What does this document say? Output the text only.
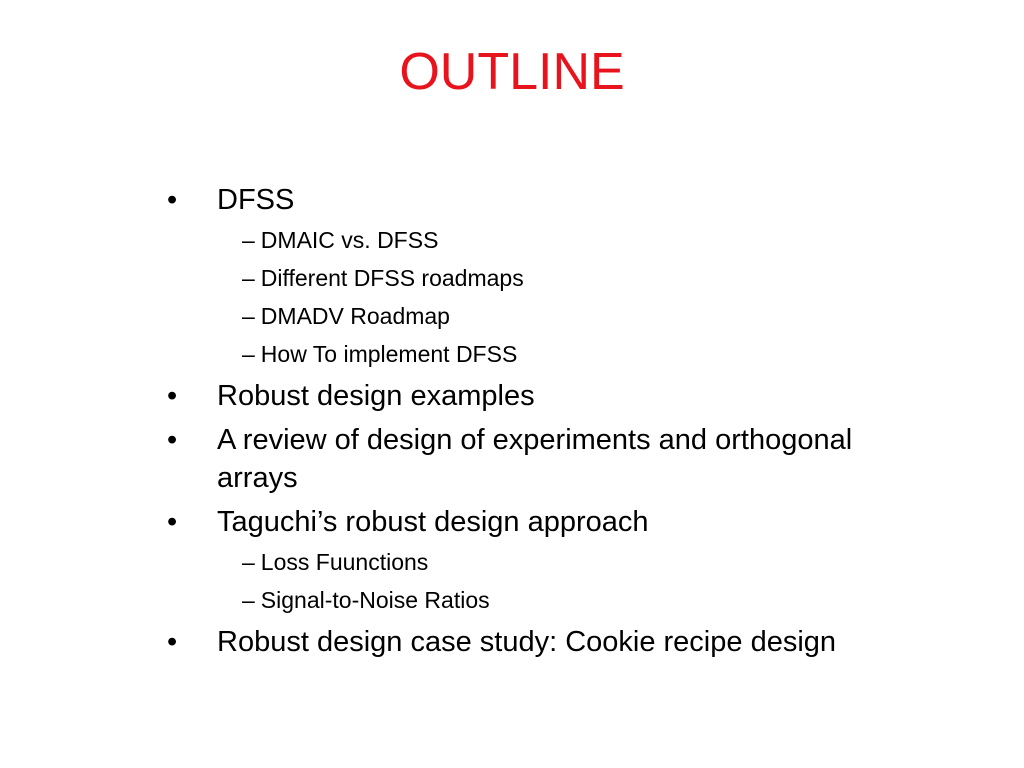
OUTLINE
•	DFSS
– DMAIC vs. DFSS
– Different DFSS roadmaps
– DMADV Roadmap
– How To implement DFSS
•	Robust design examples
•	A review of design of experiments and orthogonal arrays
•	Taguchi’s robust design approach
– Loss Fuunctions
– Signal-to-Noise Ratios
•	Robust design case study: Cookie recipe design
